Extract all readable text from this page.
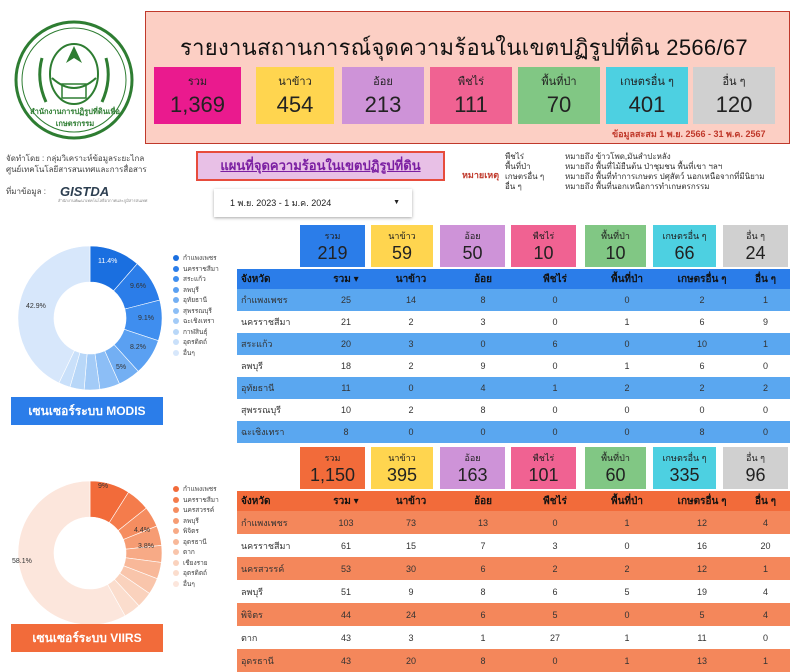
รายงานสถานการณ์จุดความร้อนในเขตปฏิรูปที่ดิน 2566/67
รวม
1,369
นาข้าว
454
อ้อย
213
พืชไร่
111
พื้นที่ป่า
70
เกษตรอื่น ๆ
401
อื่น ๆ
120
ข้อมูลสะสม 1 พ.ย. 2566 - 31 พ.ค. 2567
สำนักงานการปฏิรูปที่ดินเพื่อเกษตรกรรม
จัดทำโดย : กลุ่มวิเคราะห์ข้อมูลระยะไกล
ศูนย์เทคโนโลยีสารสนเทศและการสื่อสาร
ที่มาข้อมูล : GISTDA
สำนักงานพัฒนาเทคโนโลยีอวกาศและภูมิสารสนเทศ
แผนที่จุดความร้อนในเขตปฏิรูปที่ดิน
หมายเหตุ
พืชไร่
พื้นที่ป่า
เกษตรอื่น ๆ
อื่น ๆ
หมายถึง ข้าวโพด,มันสำปะหลัง
หมายถึง พื้นที่ไม้ยืนต้น ป่าชุมชน พื้นที่เขา ฯลฯ
หมายถึง พื้นที่ทำการเกษตร ปศุสัตว์ นอกเหนือจากที่มีนิยาม
หมายถึง พื้นที่นอกเหนือการทำเกษตรกรรม
1 พ.ย. 2023 - 1 ม.ค. 2024	▼
รวม
219
นาข้าว
59
อ้อย
50
พืชไร่
10
พื้นที่ป่า
10
เกษตรอื่น ๆ
66
อื่น ๆ
24
11.4%
9.6%
9.1%
8.2%
5%
42.9%
กำแพงเพชร
นครราชสีมา
สระแก้ว
ลพบุรี
อุทัยธานี
สุพรรณบุรี
ฉะเชิงเทรา
กาฬสินธุ์
อุตรดิตถ์
อื่นๆ
เซนเซอร์ระบบ MODIS
จังหวัด	รวม ▾	นาข้าว	อ้อย	พืชไร่	พื้นที่ป่า	เกษตรอื่น ๆ	อื่น ๆ
กำแพงเพชร	25	14	8	0	0	2	1
นครราชสีมา	21	2	3	0	1	6	9
สระแก้ว	20	3	0	6	0	10	1
ลพบุรี	18	2	9	0	1	6	0
อุทัยธานี	11	0	4	1	2	2	2
สุพรรณบุรี	10	2	8	0	0	0	0
ฉะเชิงเทรา	8	0	0	0	0	8	0
รวม
1,150
นาข้าว
395
อ้อย
163
พืชไร่
101
พื้นที่ป่า
60
เกษตรอื่น ๆ
335
อื่น ๆ
96
9%
4.4%
3.8%
58.1%
กำแพงเพชร
นครราชสีมา
นครสวรรค์
ลพบุรี
พิจิตร
อุดรธานี
ตาก
เชียงราย
อุตรดิตถ์
อื่นๆ
เซนเซอร์ระบบ VIIRS
จังหวัด	รวม ▾	นาข้าว	อ้อย	พืชไร่	พื้นที่ป่า	เกษตรอื่น ๆ	อื่น ๆ
กำแพงเพชร	103	73	13	0	1	12	4
นครราชสีมา	61	15	7	3	0	16	20
นครสวรรค์	53	30	6	2	2	12	1
ลพบุรี	51	9	8	6	5	19	4
พิจิตร	44	24	6	5	0	5	4
ตาก	43	3	1	27	1	11	0
อุดรธานี	43	20	8	0	1	13	1
